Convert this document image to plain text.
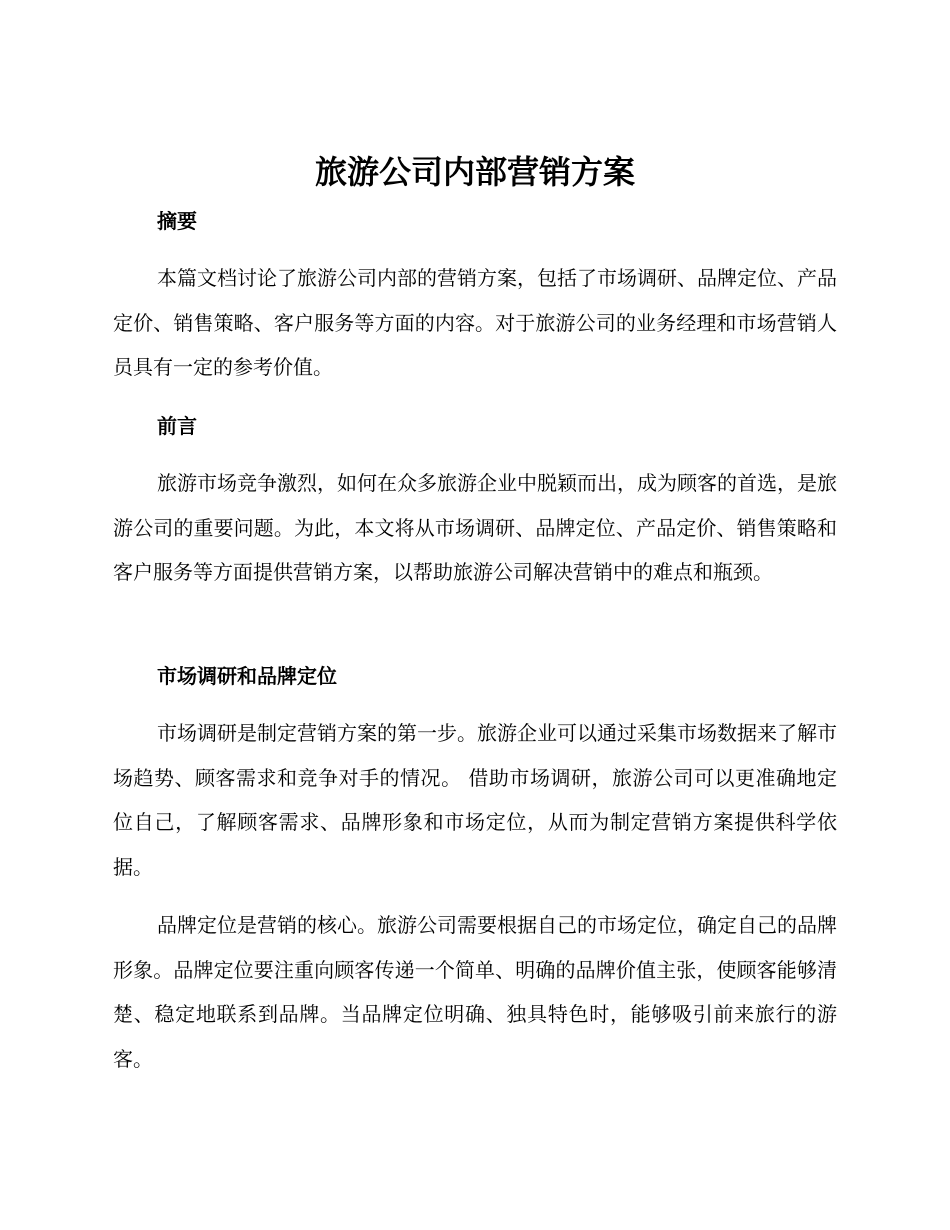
旅游公司内部营销方案
摘要

本篇文档讨论了旅游公司内部的营销方案，包括了市场调研、品牌定位、产品定价、销售策略、客户服务等方面的内容。对于旅游公司的业务经理和市场营销人员具有一定的参考价值。

前言

旅游市场竞争激烈，如何在众多旅游企业中脱颖而出，成为顾客的首选，是旅游公司的重要问题。为此，本文将从市场调研、品牌定位、产品定价、销售策略和客户服务等方面提供营销方案，以帮助旅游公司解决营销中的难点和瓶颈。

市场调研和品牌定位

市场调研是制定营销方案的第一步。旅游企业可以通过采集市场数据来了解市场趋势、顾客需求和竞争对手的情况。 借助市场调研，旅游公司可以更准确地定位自己，了解顾客需求、品牌形象和市场定位，从而为制定营销方案提供科学依据。

品牌定位是营销的核心。旅游公司需要根据自己的市场定位，确定自己的品牌形象。品牌定位要注重向顾客传递一个简单、明确的品牌价值主张，使顾客能够清楚、稳定地联系到品牌。当品牌定位明确、独具特色时，能够吸引前来旅行的游客。
